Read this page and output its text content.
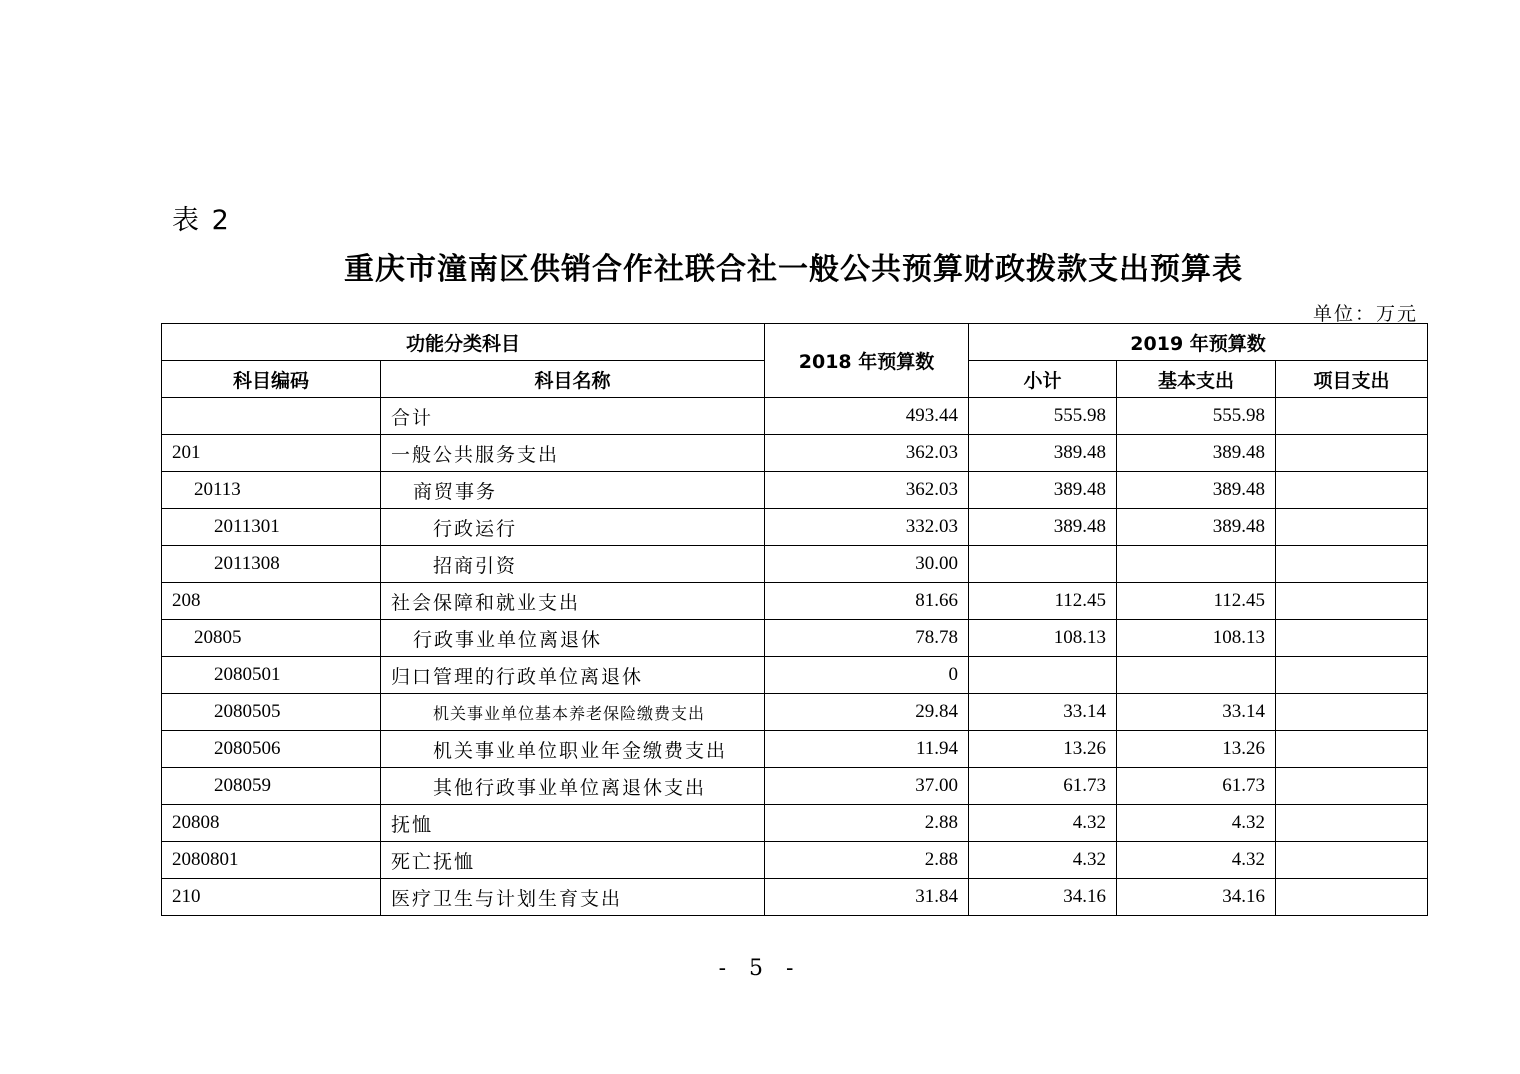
表 2
重庆市潼南区供销合作社联合社一般公共预算财政拨款支出预算表
单位：万元
功能分类科目		2018 年预算数	2019 年预算数		
科目编码	科目名称		小计	基本支出	项目支出
	合计	493.44	555.98	555.98	
201	一般公共服务支出	362.03	389.48	389.48	
20113	商贸事务	362.03	389.48	389.48	
2011301	行政运行	332.03	389.48	389.48	
2011308	招商引资	30.00			
208	社会保障和就业支出	81.66	112.45	112.45	
20805	行政事业单位离退休	78.78	108.13	108.13	
2080501	归口管理的行政单位离退休	0			
2080505	机关事业单位基本养老保险缴费支出	29.84	33.14	33.14	
2080506	机关事业单位职业年金缴费支出	11.94	13.26	13.26	
208059	其他行政事业单位离退休支出	37.00	61.73	61.73	
20808	抚恤	2.88	4.32	4.32	
2080801	死亡抚恤	2.88	4.32	4.32	
210	医疗卫生与计划生育支出	31.84	34.16	34.16	
- 5 -
